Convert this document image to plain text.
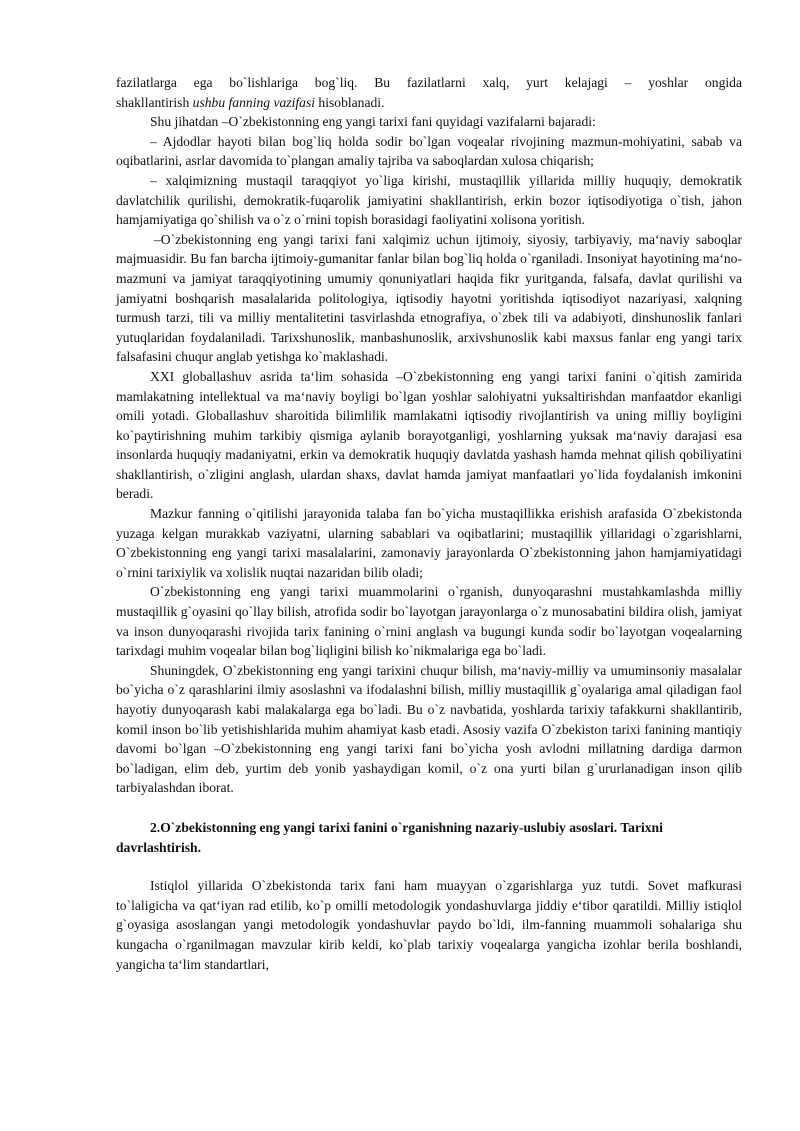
fazilatlarga ega bo`lishlariga bog`liq. Bu fazilatlarni xalq, yurt kelajagi – yoshlar ongida
shakllantirish ushbu fanning vazifasi hisoblanadi.

Shu jihatdan –O`zbekistonning eng yangi tarixi fani quyidagi vazifalarni bajaradi:

– Ajdodlar hayoti bilan bog`liq holda sodir bo`lgan voqealar rivojining mazmun-mohiyatini, sabab va oqibatlarini, asrlar davomida to`plangan amaliy tajriba va saboqlardan xulosa chiqarish;

– xalqimizning mustaqil taraqqiyot yo`liga kirishi, mustaqillik yillarida milliy huquqiy, demokratik davlatchilik qurilishi, demokratik-fuqarolik jamiyatini shakllantirish, erkin bozor iqtisodiyotiga o`tish, jahon hamjamiyatiga qo`shilish va o`z o`rnini topish borasidagi faoliyatini xolisona yoritish.

–O`zbekistonning eng yangi tarixi fani xalqimiz uchun ijtimoiy, siyosiy, tarbiyaviy, ma‘naviy saboqlar majmuasidir. Bu fan barcha ijtimoiy-gumanitar fanlar bilan bog`liq holda o`rganiladi. Insoniyat hayotining ma‘no-mazmuni va jamiyat taraqqiyotining umumiy qonuniyatlari haqida fikr yuritganda, falsafa, davlat qurilishi va jamiyatni boshqarish masalalarida politologiya, iqtisodiy hayotni yoritishda iqtisodiyot nazariyasi, xalqning turmush tarzi, tili va milliy mentalitetini tasvirlashda etnografiya, o`zbek tili va adabiyoti, dinshunoslik fanlari yutuqlaridan foydalaniladi. Tarixshunoslik, manbashunoslik, arxivshunoslik kabi maxsus fanlar eng yangi tarix falsafasini chuqur anglab yetishga ko`maklashadi.

XXI globallashuv asrida ta‘lim sohasida –O`zbekistonning eng yangi tarixi fanini o`qitish zamirida mamlakatning intellektual va ma‘naviy boyligi bo`lgan yoshlar salohiyatni yuksaltirishdan manfaatdor ekanligi omili yotadi. Globallashuv sharoitida bilimlilik mamlakatni iqtisodiy rivojlantirish va uning milliy boyligini ko`paytirishning muhim tarkibiy qismiga aylanib borayotganligi, yoshlarning yuksak ma‘naviy darajasi esa insonlarda huquqiy madaniyatni, erkin va demokratik huquqiy davlatda yashash hamda mehnat qilish qobiliyatini shakllantirish, o`zligini anglash, ulardan shaxs, davlat hamda jamiyat manfaatlari yo`lida foydalanish imkonini beradi.

Mazkur fanning o`qitilishi jarayonida talaba fan bo`yicha mustaqillikka erishish arafasida O`zbekistonda yuzaga kelgan murakkab vaziyatni, ularning sabablari va oqibatlarini; mustaqillik yillaridagi o`zgarishlarni, O`zbekistonning eng yangi tarixi masalalarini, zamonaviy jarayonlarda O`zbekistonning jahon hamjamiyatidagi o`rnini tarixiylik va xolislik nuqtai nazaridan bilib oladi;

O`zbekistonning eng yangi tarixi muammolarini o`rganish, dunyoqarashni mustahkamlashda milliy mustaqillik g`oyasini qo`llay bilish, atrofida sodir bo`layotgan jarayonlarga o`z munosabatini bildira olish, jamiyat va inson dunyoqarashi rivojida tarix fanining o`rnini anglash va bugungi kunda sodir bo`layotgan voqealarning tarixdagi muhim voqealar bilan bog`liqligini bilish ko`nikmalariga ega bo`ladi.

Shuningdek, O`zbekistonning eng yangi tarixini chuqur bilish, ma‘naviy-milliy va umuminsoniy masalalar bo`yicha o`z qarashlarini ilmiy asoslashni va ifodalashni bilish, milliy mustaqillik g`oyalariga amal qiladigan faol hayotiy dunyoqarash kabi malakalarga ega bo`ladi. Bu o`z navbatida, yoshlarda tarixiy tafakkurni shakllantirib, komil inson bo`lib yetishishlarida muhim ahamiyat kasb etadi. Asosiy vazifa O`zbekiston tarixi fanining mantiqiy davomi bo`lgan –O`zbekistonning eng yangi tarixi fani bo`yicha yosh avlodni millatning dardiga darmon bo`ladigan, elim deb, yurtim deb yonib yashaydigan komil, o`z ona yurti bilan g`ururlanadigan inson qilib tarbiyalashdan iborat.

2.O`zbekistonning eng yangi tarixi fanini o`rganishning nazariy-uslubiy asoslari. Tarixni davrlashtirish.

Istiqlol yillarida O`zbekistonda tarix fani ham muayyan o`zgarishlarga yuz tutdi. Sovet mafkurasi to`laligicha va qat‘iyan rad etilib, ko`p omilli metodologik yondashuvlarga jiddiy e‘tibor qaratildi. Milliy istiqlol g`oyasiga asoslangan yangi metodologik yondashuvlar paydo bo`ldi, ilm-fanning muammoli sohalariga shu kungacha o`rganilmagan mavzular kirib keldi, ko`plab tarixiy voqealarga yangicha izohlar berila boshlandi, yangicha ta‘lim standartlari,
